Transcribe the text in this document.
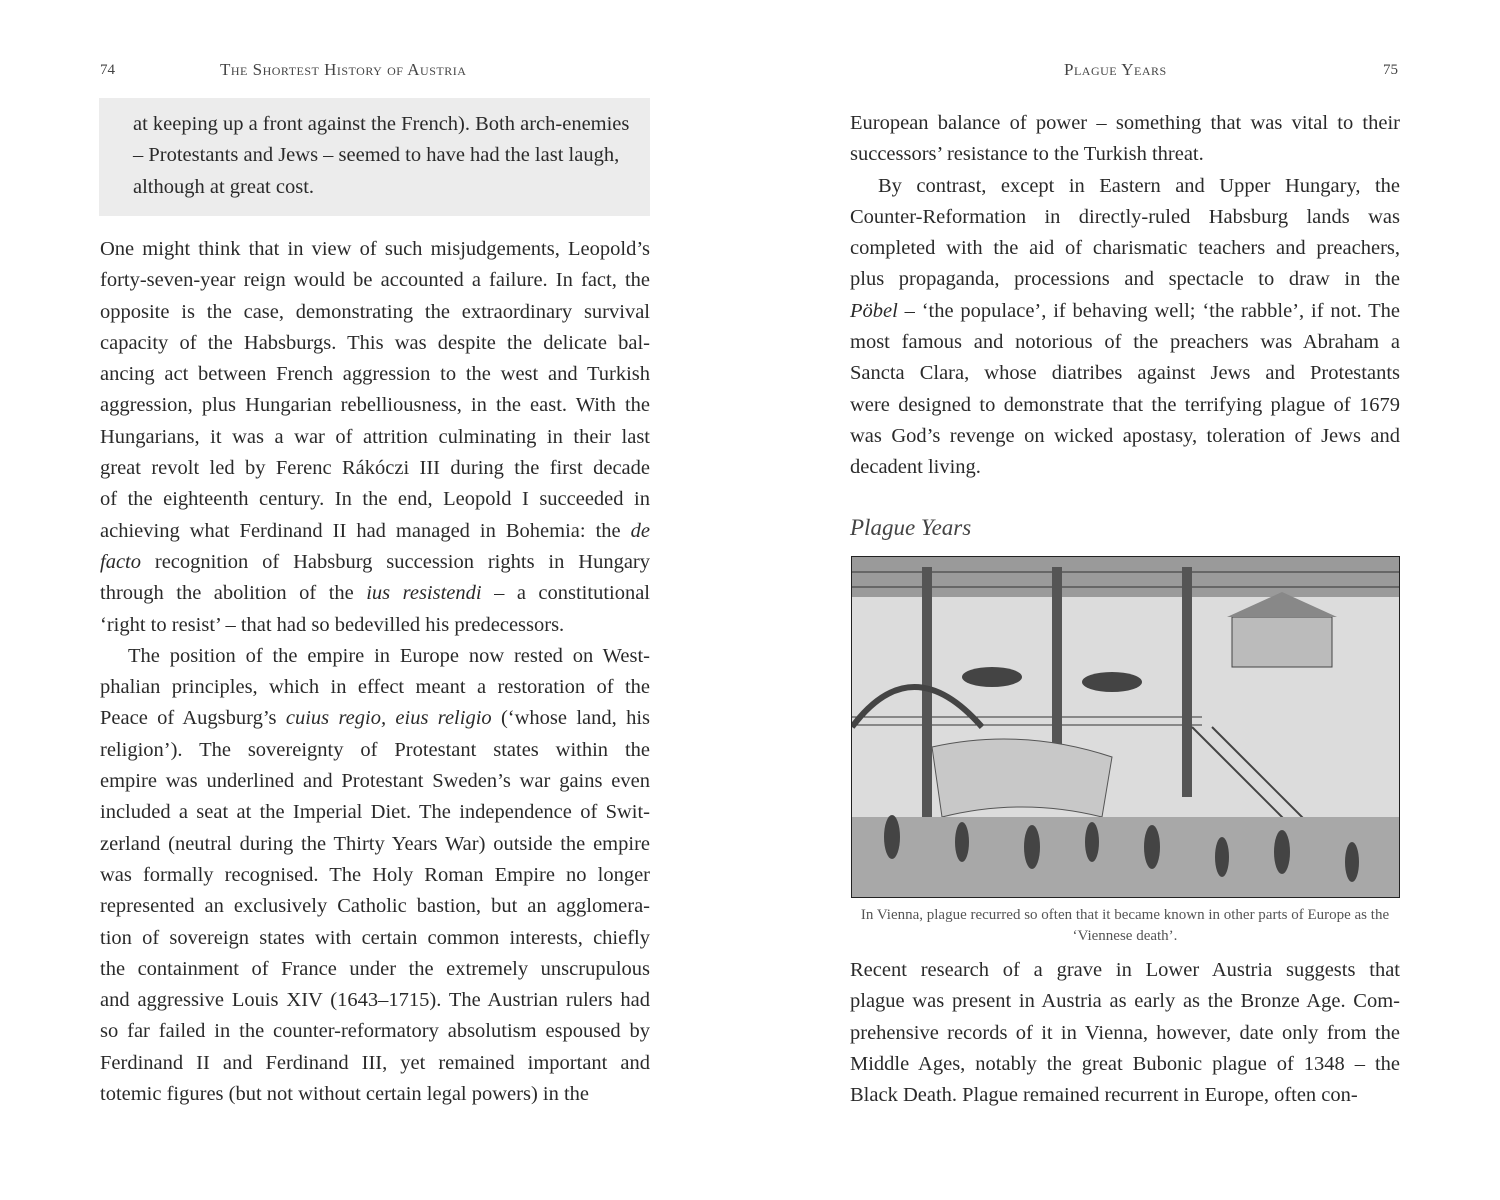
74	The Shortest History of Austria
at keeping up a front against the French). Both arch-enemies
– Protestants and Jews – seemed to have had the last laugh,
although at great cost.
One might think that in view of such misjudgements, Leopold’s
forty-seven-year reign would be accounted a failure. In fact, the
opposite is the case, demonstrating the extraordinary survival
capacity of the Habsburgs. This was despite the delicate bal-
ancing act between French aggression to the west and Turkish
aggression, plus Hungarian rebelliousness, in the east. With the
Hungarians, it was a war of attrition culminating in their last
great revolt led by Ferenc Rákóczi III during the first decade
of the eighteenth century. In the end, Leopold I succeeded in
achieving what Ferdinand II had managed in Bohemia: the de
facto recognition of Habsburg succession rights in Hungary
through the abolition of the ius resistendi – a constitutional
‘right to resist’ – that had so bedevilled his predecessors.
The position of the empire in Europe now rested on West-
phalian principles, which in effect meant a restoration of the
Peace of Augsburg’s cuius regio, eius religio (‘whose land, his
religion’). The sovereignty of Protestant states within the
empire was underlined and Protestant Sweden’s war gains even
included a seat at the Imperial Diet. The independence of Swit-
zerland (neutral during the Thirty Years War) outside the empire
was formally recognised. The Holy Roman Empire no longer
represented an exclusively Catholic bastion, but an agglomera-
tion of sovereign states with certain common interests, chiefly
the containment of France under the extremely unscrupulous
and aggressive Louis XIV (1643–1715). The Austrian rulers had
so far failed in the counter-reformatory absolutism espoused by
Ferdinand II and Ferdinand III, yet remained important and
totemic figures (but not without certain legal powers) in the
Plague Years	75
European balance of power – something that was vital to their
successors’ resistance to the Turkish threat.
By contrast, except in Eastern and Upper Hungary, the
Counter-Reformation in directly-ruled Habsburg lands was
completed with the aid of charismatic teachers and preachers,
plus propaganda, processions and spectacle to draw in the
Pöbel – ‘the populace’, if behaving well; ‘the rabble’, if not. The
most famous and notorious of the preachers was Abraham a
Sancta Clara, whose diatribes against Jews and Protestants
were designed to demonstrate that the terrifying plague of 1679
was God’s revenge on wicked apostasy, toleration of Jews and
decadent living.
Plague Years
In Vienna, plague recurred so often that it became known in other parts of Europe as the ‘Viennese death’.
Recent research of a grave in Lower Austria suggests that
plague was present in Austria as early as the Bronze Age. Com-
prehensive records of it in Vienna, however, date only from the
Middle Ages, notably the great Bubonic plague of 1348 – the
Black Death. Plague remained recurrent in Europe, often con-
